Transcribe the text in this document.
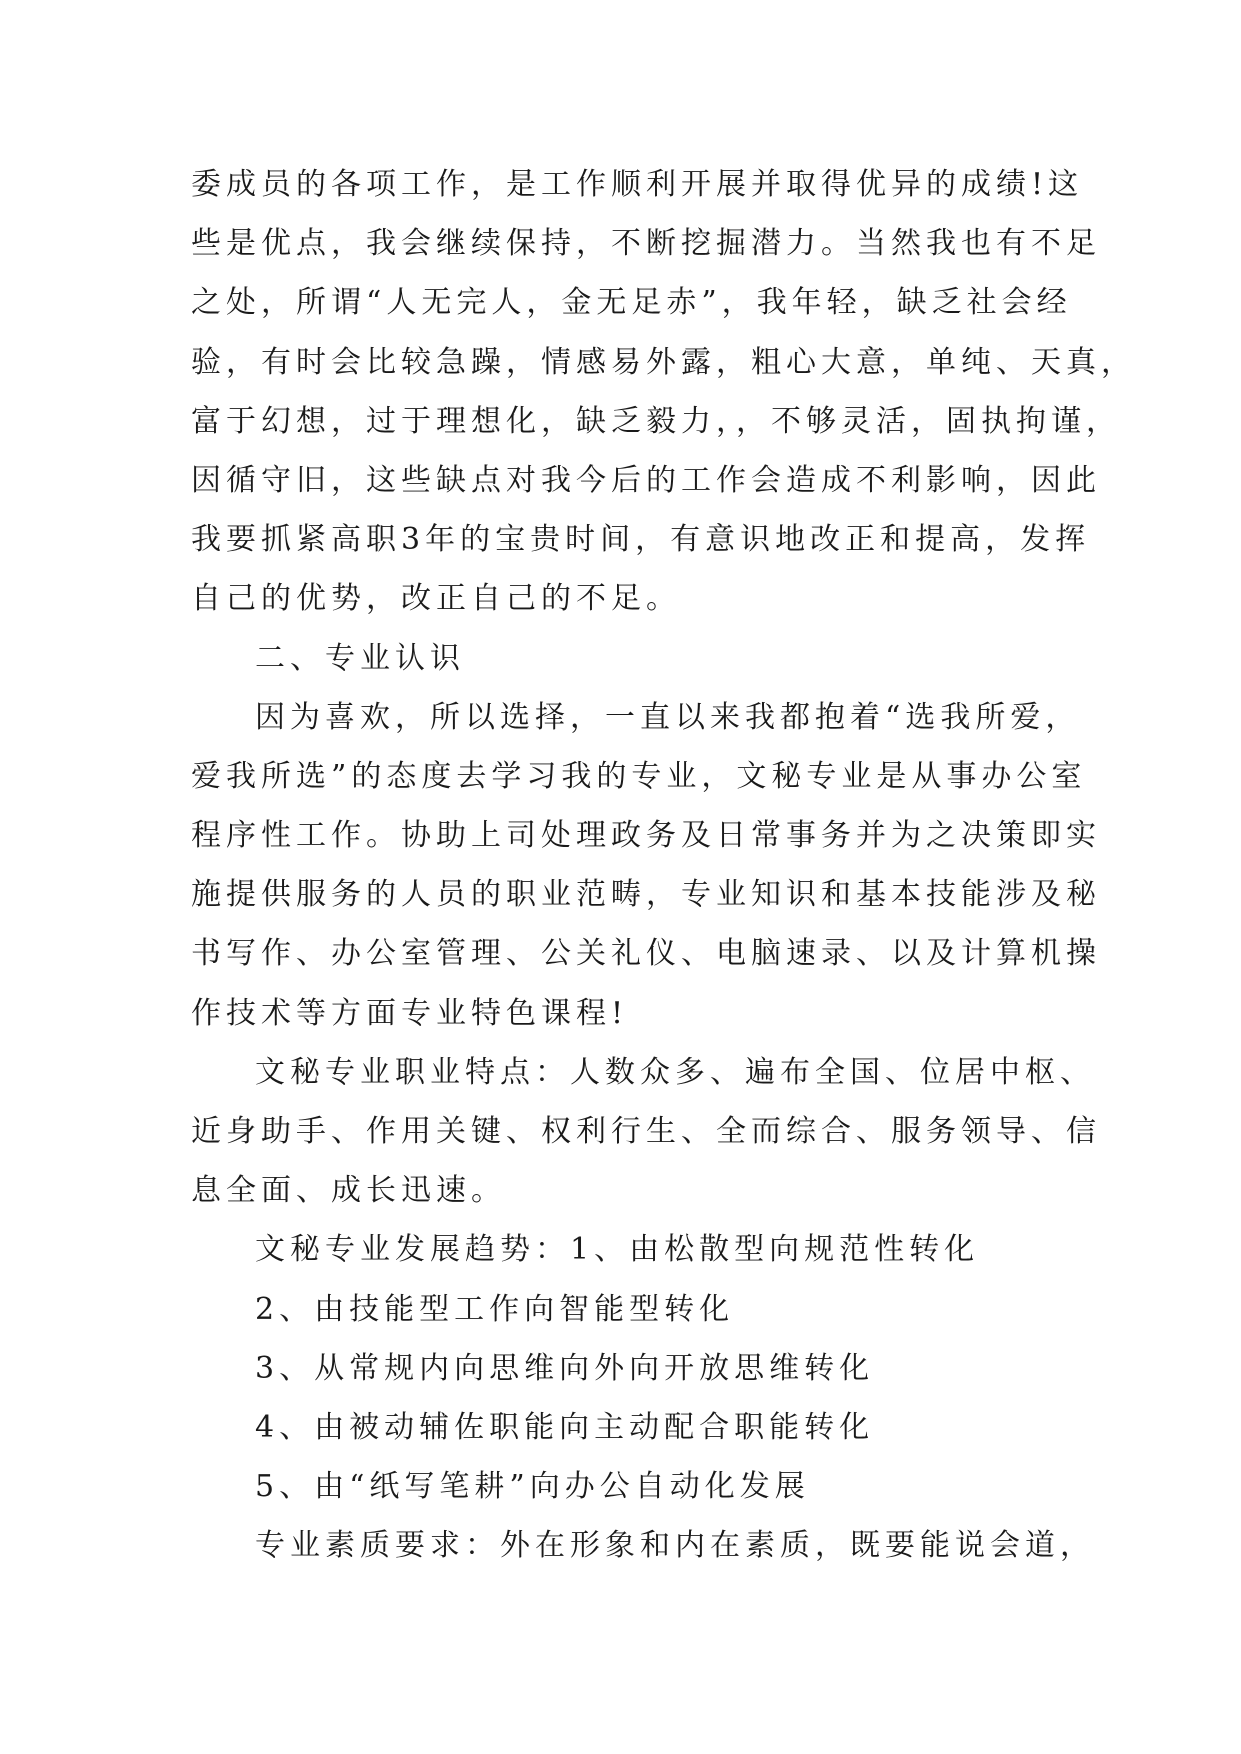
委成员的各项工作，是工作顺利开展并取得优异的成绩!这
些是优点，我会继续保持，不断挖掘潜力。当然我也有不足
之处，所谓“人无完人，金无足赤”，我年轻，缺乏社会经
验，有时会比较急躁，情感易外露，粗心大意，单纯、天真，
富于幻想，过于理想化，缺乏毅力，，不够灵活，固执拘谨，
因循守旧，这些缺点对我今后的工作会造成不利影响，因此
我要抓紧高职3年的宝贵时间，有意识地改正和提高，发挥
自己的优势，改正自己的不足。
二、专业认识
因为喜欢，所以选择，一直以来我都抱着“选我所爱，
爱我所选”的态度去学习我的专业，文秘专业是从事办公室
程序性工作。协助上司处理政务及日常事务并为之决策即实
施提供服务的人员的职业范畴，专业知识和基本技能涉及秘
书写作、办公室管理、公关礼仪、电脑速录、以及计算机操
作技术等方面专业特色课程!
文秘专业职业特点：人数众多、遍布全国、位居中枢、
近身助手、作用关键、权利行生、全而综合、服务领导、信
息全面、成长迅速。
文秘专业发展趋势：1、由松散型向规范性转化
2、由技能型工作向智能型转化
3、从常规内向思维向外向开放思维转化
4、由被动辅佐职能向主动配合职能转化
5、由“纸写笔耕”向办公自动化发展
专业素质要求：外在形象和内在素质，既要能说会道，
